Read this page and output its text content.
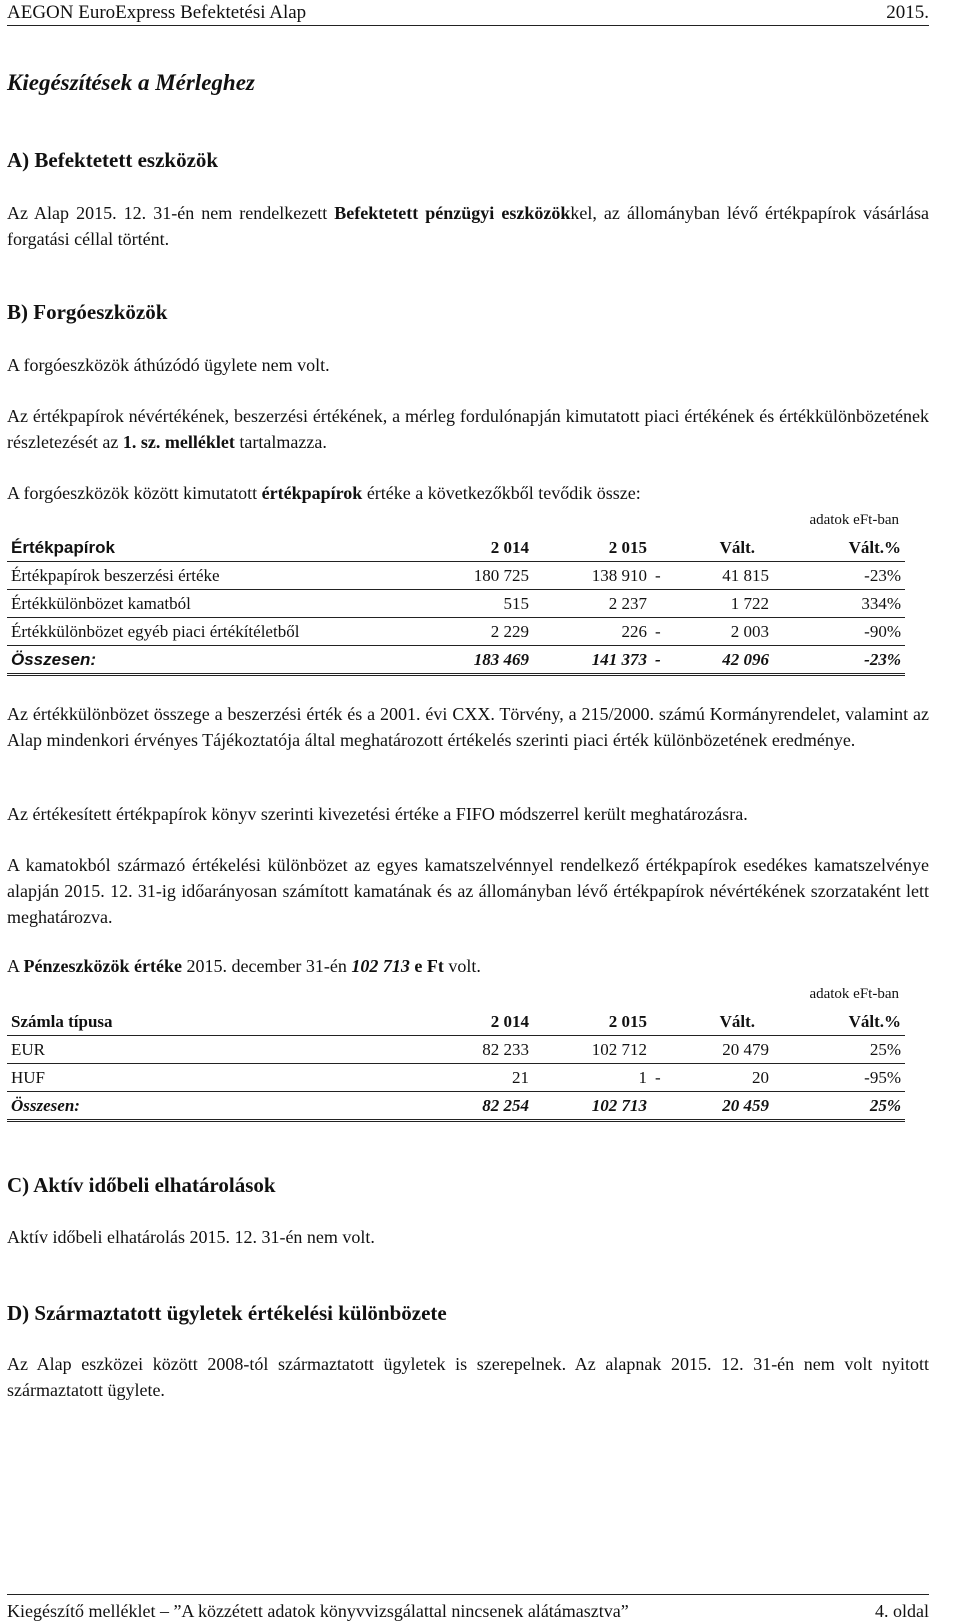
AEGON EuroExpress Befektetési Alap	2015.
Kiegészítések a Mérleghez
A) Befektetett eszközök

Az Alap 2015. 12. 31-én nem rendelkezett Befektetett pénzügyi eszközökkel, az állományban lévő értékpapírok vásárlása forgatási céllal történt.

B) Forgóeszközök

A forgóeszközök áthúzódó ügylete nem volt.

Az értékpapírok névértékének, beszerzési értékének, a mérleg fordulónapján kimutatott piaci értékének és értékkülönbözetének részletezését az 1. sz. melléklet tartalmazza.

A forgóeszközök között kimutatott értékpapírok értéke a következőkből tevődik össze:

adatok eFt-ban
Értékpapírok	2 014	2 015	Vált.		Vált.%
Értékpapírok beszerzési értéke	180 725	138 910	-	41 815	-23%
Értékkülönbözet kamatból	515	2 237		1 722	334%
Értékkülönbözet egyéb piaci értékítéletből	2 229	226	-	2 003	-90%
Összesen:	183 469	141 373	-	42 096	-23%

Az értékkülönbözet összege a beszerzési érték és a 2001. évi CXX. Törvény, a 215/2000. számú Kormányrendelet, valamint az Alap mindenkori érvényes Tájékoztatója által meghatározott értékelés szerinti piaci érték különbözetének eredménye.

Az értékesített értékpapírok könyv szerinti kivezetési értéke a FIFO módszerrel került meghatározásra.

A kamatokból származó értékelési különbözet az egyes kamatszelvénnyel rendelkező értékpapírok esedékes kamatszelvénye alapján 2015. 12. 31-ig időarányosan számított kamatának és az állományban lévő értékpapírok névértékének szorzataként lett meghatározva.

A Pénzeszközök értéke 2015. december 31-én 102 713 e Ft volt.

adatok eFt-ban
Számla típusa	2 014	2 015	Vált.		Vált.%
EUR	82 233	102 712		20 479	25%
HUF	21	1	-	20	-95%
Összesen:	82 254	102 713		20 459	25%
C) Aktív időbeli elhatárolások

Aktív időbeli elhatárolás 2015. 12. 31-én nem volt.

D) Származtatott ügyletek értékelési különbözete

Az Alap eszközei között 2008-tól származtatott ügyletek is szerepelnek. Az alapnak 2015. 12. 31-én nem volt nyitott származtatott ügylete.

Kiegészítő melléklet – ”A közzétett adatok könyvvizsgálattal nincsenek alátámasztva”	4. oldal
